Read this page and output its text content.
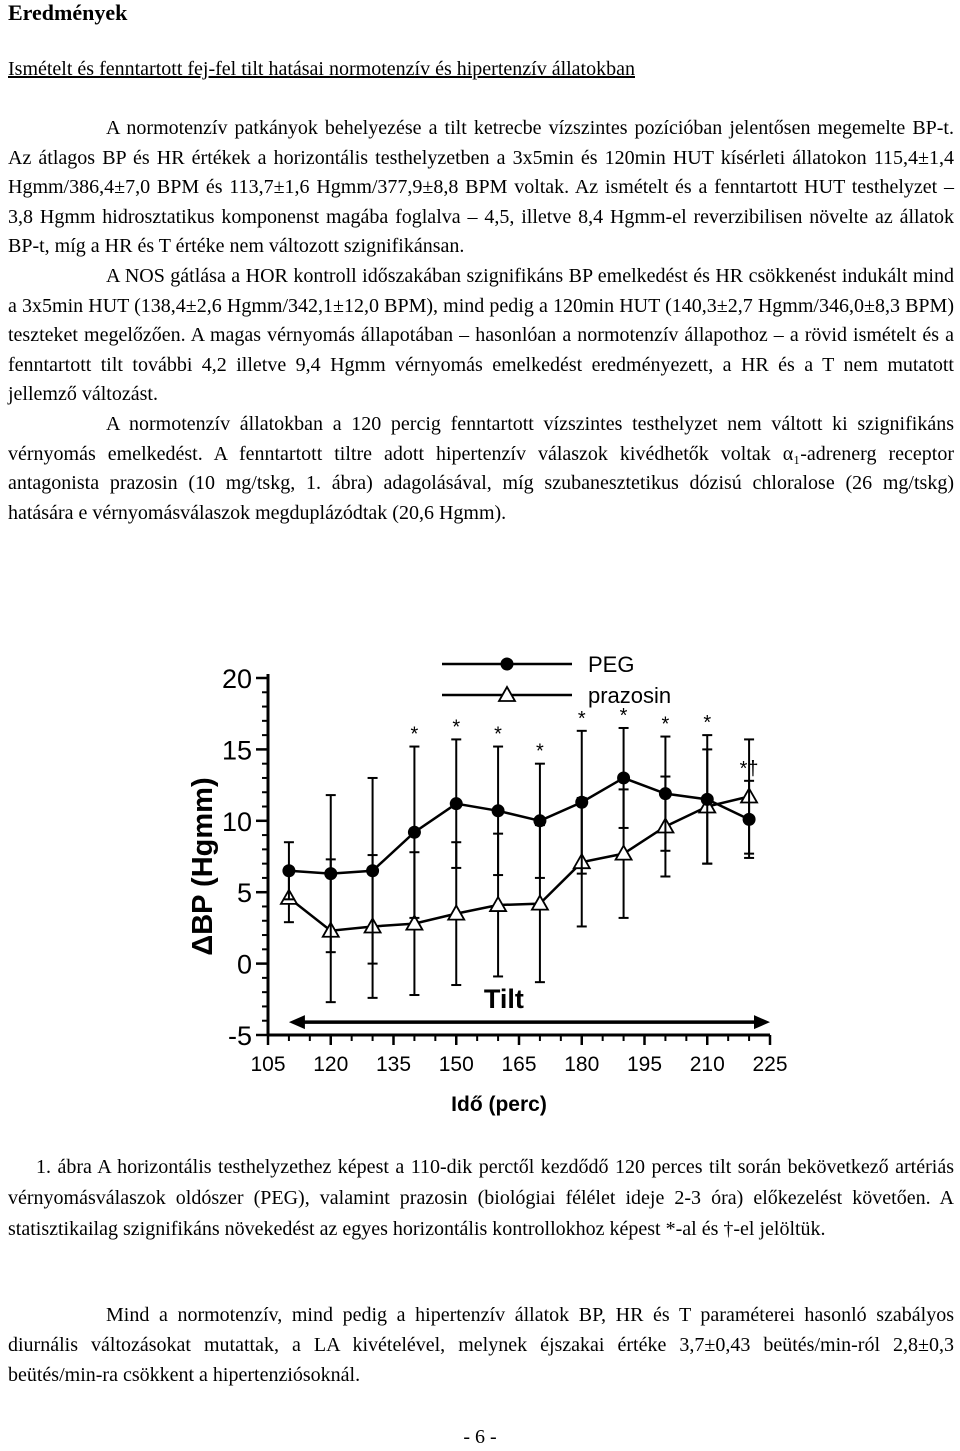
Eredmények
Ismételt és fenntartott fej-fel tilt hatásai normotenzív és hipertenzív állatokban

A normotenzív patkányok behelyezése a tilt ketrecbe vízszintes pozícióban jelentősen megemelte BP-t. Az átlagos BP és HR értékek a horizontális testhelyzetben a 3x5min és 120min HUT kísérleti állatokon 115,4±1,4 Hgmm/386,4±7,0 BPM és 113,7±1,6 Hgmm/377,9±8,8 BPM voltak. Az ismételt és a fenntartott HUT testhelyzet – 3,8 Hgmm hidrosztatikus komponenst magába foglalva – 4,5, illetve 8,4 Hgmm-el reverzibilisen növelte az állatok BP-t, míg a HR és T értéke nem változott szignifikánsan.

A NOS gátlása a HOR kontroll időszakában szignifikáns BP emelkedést és HR csökkenést indukált mind a 3x5min HUT (138,4±2,6 Hgmm/342,1±12,0 BPM), mind pedig a 120min HUT (140,3±2,7 Hgmm/346,0±8,3 BPM) teszteket megelőzően. A magas vérnyomás állapotában – hasonlóan a normotenzív állapothoz – a rövid ismételt és a fenntartott tilt további 4,2 illetve 9,4 Hgmm vérnyomás emelkedést eredményezett, a HR és a T nem mutatott jellemző változást.

A normotenzív állatokban a 120 percig fenntartott vízszintes testhelyzet nem váltott ki szignifikáns vérnyomás emelkedést. A fenntartott tiltre adott hipertenzív válaszok kivédhetők voltak α₁-adrenerg receptor antagonista prazosin (10 mg/tskg, 1. ábra) adagolásával, míg szubanesztetikus dózisú chloralose (26 mg/tskg) hatására e vérnyomásválaszok megduplázódtak (20,6 Hgmm).

-5
0
5
10
15
20
105 120 135 150 165 180 195 210 225
Idő (perc)
ΔBP (Hgmm)
Tilt
* * *
*
* * * *
*†
PEG
prazosin

1. ábra A horizontális testhelyzethez képest a 110-dik perctől kezdődő 120 perces tilt során bekövetkező artériás vérnyomásválaszok oldószer (PEG), valamint prazosin (biológiai félélet ideje 2-3 óra) előkezelést követően. A statisztikailag szignifikáns növekedést az egyes horizontális kontrollokhoz képest *-al és †-el jelöltük.

Mind a normotenzív, mind pedig a hipertenzív állatok BP, HR és T paraméterei hasonló szabályos diurnális változásokat mutattak, a LA kivételével, melynek éjszakai értéke 3,7±0,43 beütés/min-ról 2,8±0,3 beütés/min-ra csökkent a hipertenziósoknál.

- 6 -
